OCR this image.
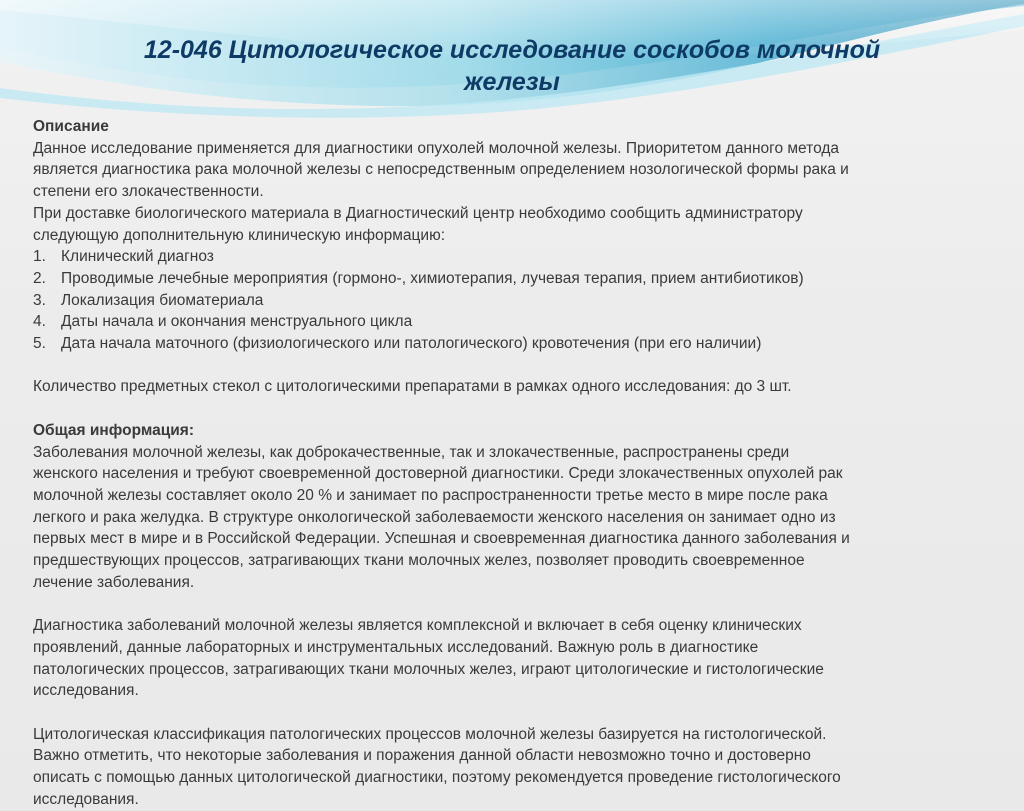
12-046 Цитологическое исследование соскобов молочной
железы

Описание

Данное исследование применяется для диагностики опухолей молочной железы. Приоритетом данного метода

является диагностика рака молочной железы с непосредственным определением нозологической формы рака и

степени его злокачественности.

При доставке биологического материала в Диагностический центр необходимо сообщить администратору

следующую дополнительную клиническую информацию:

1. Клинический диагноз
2. Проводимые лечебные мероприятия (гормоно-, химиотерапия, лучевая терапия, прием антибиотиков)
3. Локализация биоматериала
4. Даты начала и окончания менструального цикла
5. Дата начала маточного (физиологического или патологического) кровотечения (при его наличии)

Количество предметных стекол с цитологическими препаратами в рамках одного исследования: до 3 шт.

Общая информация:

Заболевания молочной железы, как доброкачественные, так и злокачественные, распространены среди

женского населения и требуют своевременной достоверной диагностики. Среди злокачественных опухолей рак

молочной железы составляет около 20 % и занимает по распространенности третье место в мире после рака

легкого и рака желудка. В структуре онкологической заболеваемости женского населения он занимает одно из

первых мест в мире и в Российской Федерации. Успешная и своевременная диагностика данного заболевания и

предшествующих процессов, затрагивающих ткани молочных желез, позволяет проводить своевременное

лечение заболевания.

Диагностика заболеваний молочной железы является комплексной и включает в себя оценку клинических

проявлений, данные лабораторных и инструментальных исследований. Важную роль в диагностике

патологических процессов, затрагивающих ткани молочных желез, играют цитологические и гистологические

исследования.

Цитологическая классификация патологических процессов молочной железы базируется на гистологической.

Важно отметить, что некоторые заболевания и поражения данной области невозможно точно и достоверно

описать с помощью данных цитологической диагностики, поэтому рекомендуется проведение гистологического

исследования.
